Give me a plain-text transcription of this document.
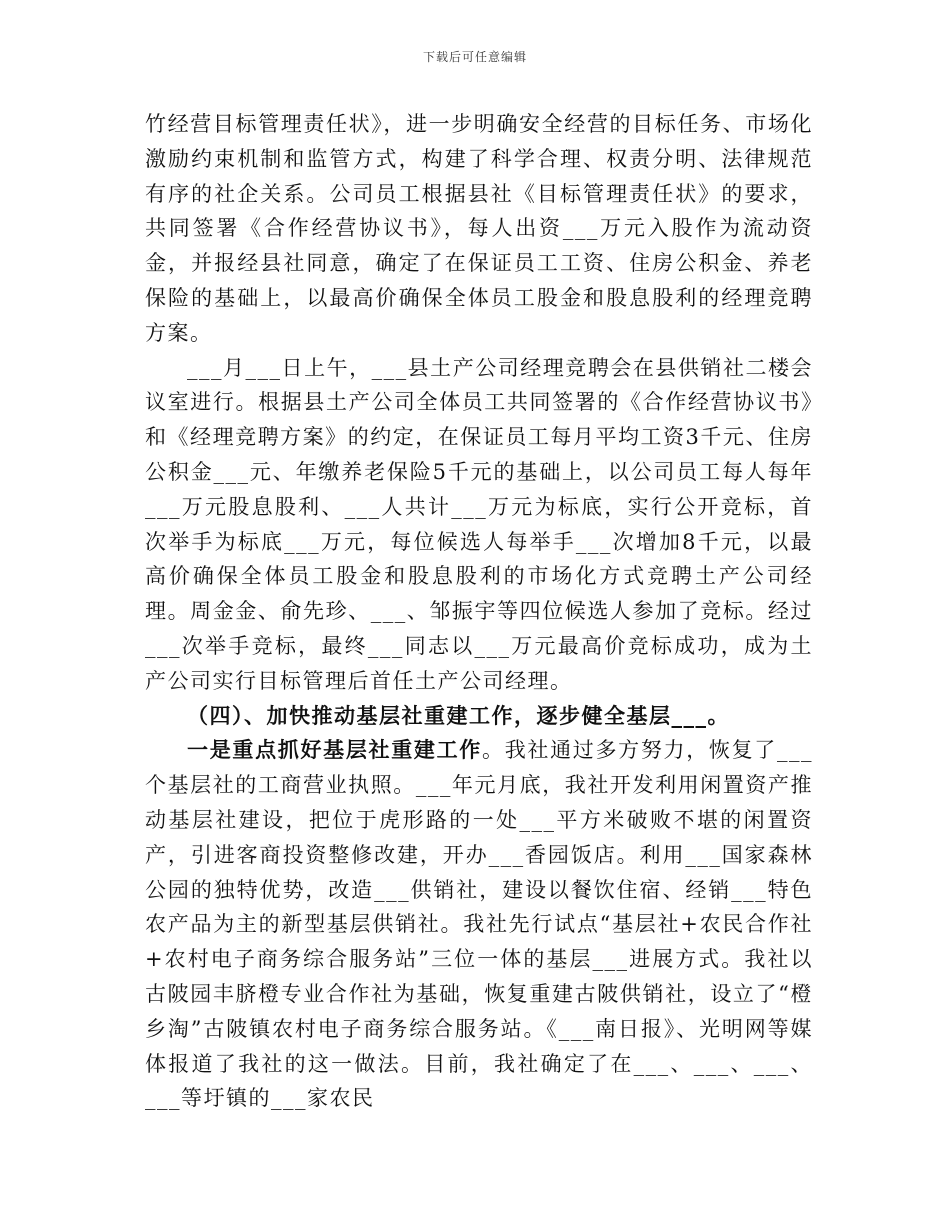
下载后可任意编辑

竹经营目标管理责任状》，进一步明确安全经营的目标任务、市场化激励约束机制和监管方式，构建了科学合理、权责分明、法律规范有序的社企关系。公司员工根据县社《目标管理责任状》的要求，共同签署《合作经营协议书》，每人出资___万元入股作为流动资金，并报经县社同意，确定了在保证员工工资、住房公积金、养老保险的基础上，以最高价确保全体员工股金和股息股利的经理竞聘方案。

___月___日上午，___县土产公司经理竞聘会在县供销社二楼会议室进行。根据县土产公司全体员工共同签署的《合作经营协议书》和《经理竞聘方案》的约定，在保证员工每月平均工资3千元、住房公积金___元、年缴养老保险5千元的基础上，以公司员工每人每年___万元股息股利、___人共计___万元为标底，实行公开竞标，首次举手为标底___万元，每位候选人每举手___次增加8千元，以最高价确保全体员工股金和股息股利的市场化方式竞聘土产公司经理。周金金、俞先珍、___、邹振宇等四位候选人参加了竞标。经过___次举手竞标，最终___同志以___万元最高价竞标成功，成为土产公司实行目标管理后首任土产公司经理。

（四）、加快推动基层社重建工作，逐步健全基层___。

一是重点抓好基层社重建工作。我社通过多方努力，恢复了___个基层社的工商营业执照。___年元月底，我社开发利用闲置资产推动基层社建设，把位于虎形路的一处___平方米破败不堪的闲置资产，引进客商投资整修改建，开办___香园饭店。利用___国家森林公园的独特优势，改造___供销社，建设以餐饮住宿、经销___特色农产品为主的新型基层供销社。我社先行试点“基层社+农民合作社+农村电子商务综合服务站”三位一体的基层___进展方式。我社以古陂园丰脐橙专业合作社为基础，恢复重建古陂供销社，设立了“橙乡淘”古陂镇农村电子商务综合服务站。《___南日报》、光明网等媒体报道了我社的这一做法。目前，我社确定了在___、___、___、___等圩镇的___家农民
